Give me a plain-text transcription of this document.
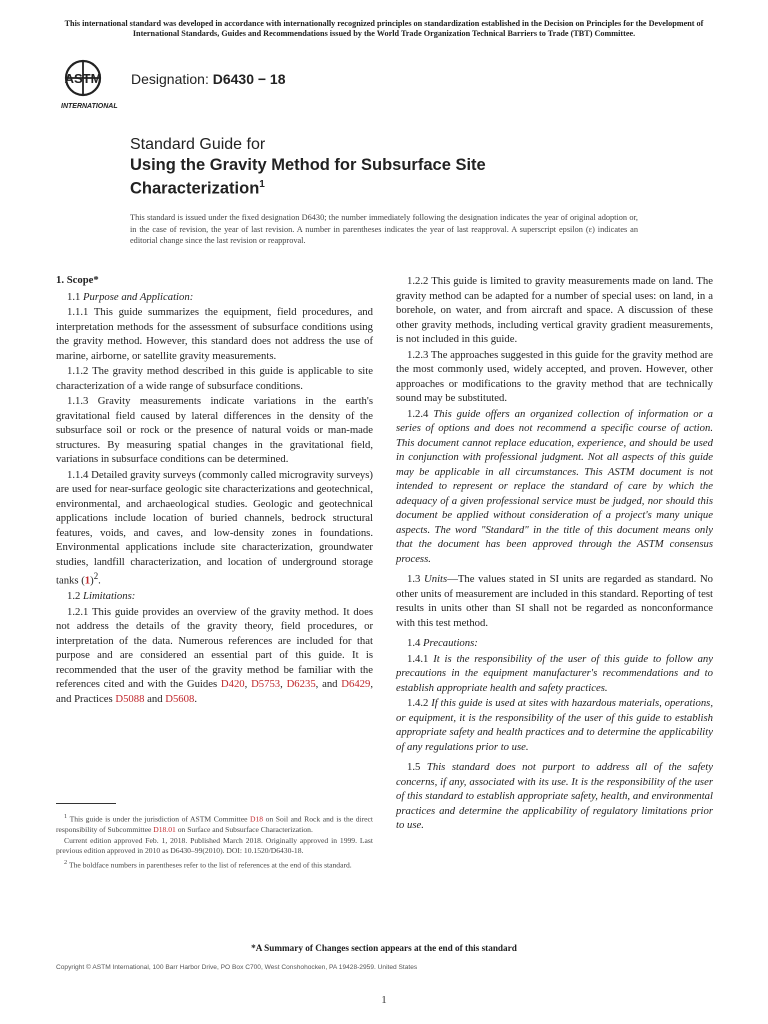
This international standard was developed in accordance with internationally recognized principles on standardization established in the Decision on Principles for the Development of International Standards, Guides and Recommendations issued by the World Trade Organization Technical Barriers to Trade (TBT) Committee.
ASTM
INTERNATIONAL
Designation: D6430 − 18
Standard Guide for
Using the Gravity Method for Subsurface Site
Characterization$^1$
This standard is issued under the fixed designation D6430; the number immediately following the designation indicates the year of original adoption or, in the case of revision, the year of last revision. A number in parentheses indicates the year of last reapproval. A superscript epsilon (ε) indicates an editorial change since the last revision or reapproval.

1. Scope*

1.1 Purpose and Application:

1.1.1 This guide summarizes the equipment, field procedures, and interpretation methods for the assessment of subsurface conditions using the gravity method. However, this standard does not address the use of marine, airborne, or satellite gravity measurements.

1.1.2 The gravity method described in this guide is applicable to site characterization of a wide range of subsurface conditions.

1.1.3 Gravity measurements indicate variations in the earth's gravitational field caused by lateral differences in the density of the subsurface soil or rock or the presence of natural voids or man-made structures. By measuring spatial changes in the gravitational field, variations in subsurface conditions can be determined.

1.1.4 Detailed gravity surveys (commonly called microgravity surveys) are used for near-surface geologic site characterizations and geotechnical, environmental, and archaeological studies. Geologic and geotechnical applications include location of buried channels, bedrock structural features, voids, and caves, and low-density zones in foundations. Environmental applications include site characterization, groundwater studies, landfill characterization, and location of underground storage tanks $(1)^2$.

1.2 Limitations:

1.2.1 This guide provides an overview of the gravity method. It does not address the details of the gravity theory, field procedures, or interpretation of the data. Numerous references are included for that purpose and are considered an essential part of this guide. It is recommended that the user of the gravity method be familiar with the references cited and with the Guides D420, D5753, D6235, and D6429, and Practices D5088 and D5608.

$^1$ This guide is under the jurisdiction of ASTM Committee D18 on Soil and Rock and is the direct responsibility of Subcommittee D18.01 on Surface and Subsurface Characterization.

Current edition approved Feb. 1, 2018. Published March 2018. Originally approved in 1999. Last previous edition approved in 2010 as D6430–99(2010). DOI: 10.1520/D6430-18.

$^2$ The boldface numbers in parentheses refer to the list of references at the end of this standard.

1.2.2 This guide is limited to gravity measurements made on land. The gravity method can be adapted for a number of special uses: on land, in a borehole, on water, and from aircraft and space. A discussion of these other gravity methods, including vertical gravity gradient measurements, is not included in this guide.

1.2.3 The approaches suggested in this guide for the gravity method are the most commonly used, widely accepted, and proven. However, other approaches or modifications to the gravity method that are technically sound may be substituted.

1.2.4 This guide offers an organized collection of information or a series of options and does not recommend a specific course of action. This document cannot replace education, experience, and should be used in conjunction with professional judgment. Not all aspects of this guide may be applicable in all circumstances. This ASTM document is not intended to represent or replace the standard of care by which the adequacy of a given professional service must be judged, nor should this document be applied without consideration of a project's many unique aspects. The word "Standard" in the title of this document means only that the document has been approved through the ASTM consensus process.

1.3 Units—The values stated in SI units are regarded as standard. No other units of measurement are included in this standard. Reporting of test results in units other than SI shall not be regarded as nonconformance with this test method.

1.4 Precautions:

1.4.1 It is the responsibility of the user of this guide to follow any precautions in the equipment manufacturer's recommendations and to establish appropriate health and safety practices.

1.4.2 If this guide is used at sites with hazardous materials, operations, or equipment, it is the responsibility of the user of this guide to establish appropriate safety and health practices and to determine the applicability of any regulations prior to use.

1.5 This standard does not purport to address all of the safety concerns, if any, associated with its use. It is the responsibility of the user of this standard to establish appropriate safety, health, and environmental practices and determine the applicability of regulatory limitations prior to use.

*A Summary of Changes section appears at the end of this standard
Copyright © ASTM International, 100 Barr Harbor Drive, PO Box C700, West Conshohocken, PA 19428-2959. United States
1
